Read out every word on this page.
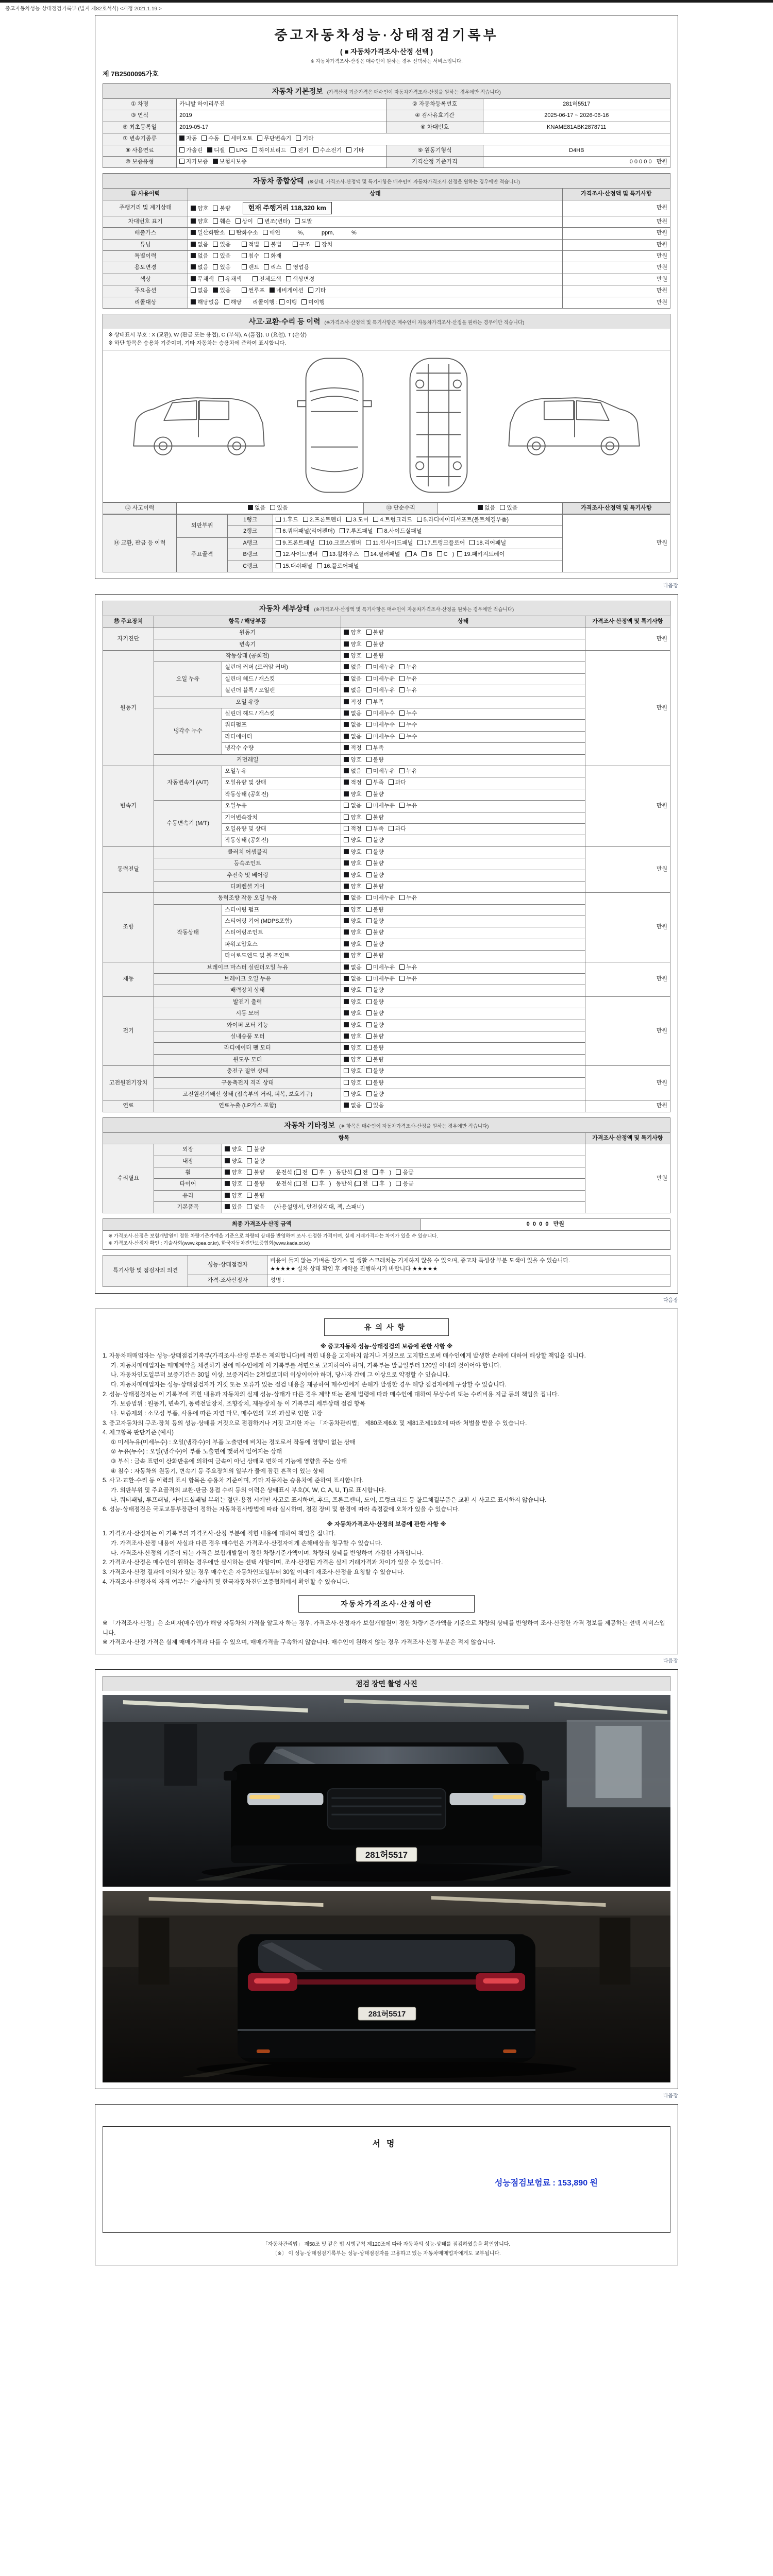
중고자동차성능·상태점검기록부 (별지 제82호서식) <개정 2021.1.19.>
중고자동차성능·상태점검기록부
( ■ 자동차가격조사·산정 선택 )
※ 자동차가격조사·산정은 매수인이 원하는 경우 선택하는 서비스입니다.
제 7B2500095가호
자동차 기본정보 (가격산정 기준가격은 매수인이 자동차가격조사·산정을 원하는 경우에만 적습니다)
① 차명	카니발 하이리무진	② 자동차등록번호	281허5517
③ 연식	2019	④ 검사유효기간	2025-06-17 ~ 2026-06-16
⑤ 최초등록일	2019-05-17	⑥ 차대번호	KNAME81ABK2878711
⑦ 변속기종류	자동 수동 세미오토 무단변속기 기타		
⑧ 사용연료	가솔린 디젤 LPG 하이브리드 전기 수소전기 기타	⑨ 원동기형식	D4HB
⑩ 보증유형	자가보증 보험사보증	가격산정 기준가격	0 0 0 0 0   만원
자동차 종합상태 (※상태, 가격조사·산정액 및 특기사항은 매수인이 자동차가격조사·산정을 원하는 경우에만 적습니다)
⑪ 사용이력	상태	가격조사·산정액 및 특기사항
주행거리 및 계기상태	양호 불량 현재 주행거리 118,320 km	만원
차대번호 표기	양호 훼손 상이 변조(변타) 도말	만원
배출가스	일산화탄소 탄화수소 매연        %,           ppm,           %	만원
튜닝	없음 있음 적법 불법 구조 장치	만원
특별이력	없음 있음 침수 화재	만원
용도변경	없음 있음 렌트 리스 영업용	만원
색상	무채색 유채색 전체도색 색상변경	만원
주요옵션	없음 있음 썬루프 네비게이션 기타	만원
리콜대상	해당없음 해당    리콜이행 : 이행 미이행	만원
사고·교환·수리 등 이력 (※가격조사·산정액 및 특기사항은 매수인이 자동차가격조사·산정을 원하는 경우에만 적습니다)
※ 상태표시 부호 : X (교환), W (판금 또는 용접), C (부식), A (흠집), U (요철), T (손상)
※ 하단 항목은 승용차 기준이며, 기타 자동차는 승용차에 준하여 표시합니다.
⑫ 사고이력	없음 있음	⑬ 단순수리	없음 있음	가격조사·산정액 및 특기사항
⑭ 교환, 판금 등 이력	외판부위	1랭크	1.후드 2.프론트펜더 3.도어 4.트렁크리드 5.라디에이터서포트(볼트체결부품)	만원
		2랭크	6.쿼터패널(리어펜더) 7.루프패널 8.사이드실패널	
	주요골격	A랭크	9.프론트패널 10.크로스멤버 11.인사이드패널 17.트렁크플로어 18.리어패널	
		B랭크	12.사이드멤버 13.휠하우스 14.필러패널 ( A B C )  19.패키지트레이	
		C랭크	15.대쉬패널 16.플로어패널	
다음장
자동차 세부상태 (※가격조사·산정액 및 특기사항은 매수인이 자동차가격조사·산정을 원하는 경우에만 적습니다)
⑮ 주요장치	항목 / 해당부품		상태	가격조사·산정액 및 특기사항
자기진단	원동기		양호 불량	만원
	변속기		양호 불량	
원동기	작동상태 (공회전)		양호 불량	만원
	오일 누유	실린더 커버 (로커암 커버)	없음 미세누유 누유	
		실린더 헤드 / 개스킷	없음 미세누유 누유	
		실린더 블록 / 오일팬	없음 미세누유 누유	
	오일 유량		적정 부족	
	냉각수 누수	실린더 헤드 / 개스킷	없음 미세누수 누수	
		워터펌프	없음 미세누수 누수	
		라디에이터	없음 미세누수 누수	
		냉각수 수량	적정 부족	
	커먼레일		양호 불량	
변속기	자동변속기 (A/T)	오일누유	없음 미세누유 누유	만원
		오일유량 및 상태	적정 부족 과다	
		작동상태 (공회전)	양호 불량	
	수동변속기 (M/T)	오일누유	없음 미세누유 누유	
		기어변속장치	양호 불량	
		오일유량 및 상태	적정 부족 과다	
		작동상태 (공회전)	양호 불량	
동력전달	클러치 어셈블리		양호 불량	만원
	등속조인트		양호 불량	
	추진축 및 베어링		양호 불량	
	디퍼렌셜 기어		양호 불량	
조향	동력조향 작동 오일 누유		없음 미세누유 누유	만원
	작동상태	스티어링 펌프	양호 불량	
		스티어링 기어 (MDPS포함)	양호 불량	
		스티어링조인트	양호 불량	
		파워고압호스	양호 불량	
		타이로드엔드 및 볼 조인트	양호 불량	
제동	브레이크 마스터 실린더오일 누유		없음 미세누유 누유	만원
	브레이크 오일 누유		없음 미세누유 누유	
	배력장치 상태		양호 불량	
전기	발전기 출력		양호 불량	만원
	시동 모터		양호 불량	
	와이퍼 모터 기능		양호 불량	
	실내송풍 모터		양호 불량	
	라디에이터 팬 모터		양호 불량	
	윈도우 모터		양호 불량	
고전원전기장치	충전구 절연 상태		양호 불량	만원
	구동축전지 격리 상태		양호 불량	
	고전원전기배선 상태 (접속부의 거리, 피복, 보호기구)		양호 불량	
연료	연료누출 (LP가스 포함)		없음 있음	만원
자동차 기타정보 (※ 항목은 매수인이 자동차가격조사·산정을 원하는 경우에만 적습니다)
항목			가격조사·산정액 및 특기사항
수리필요	외장	양호 불량	만원
	내장	양호 불량	
	휠	양호 불량    운전석 ( 전 후 )   동반석 ( 전 후 )   응급	
	타이어	양호 불량    운전석 ( 전 후 )   동반석 ( 전 후 )   응급	
	유리	양호 불량	
	기본품목	있음 없음   (사용설명서, 안전삼각대, 잭, 스패너)	
최종 가격조사·산정 금액	0  0  0  0   만원
※ 가격조사·산정은 보험개발원이 정한 차량기준가액을 기준으로 차량의 상태를 반영하여 조사·산정한 가격이며, 실제 거래가격과는 차이가 있을 수 있습니다.
※ 가격조사·산정자 확인 : 기술사회(www.kpea.or.kr), 한국자동차진단보증협회(www.kada.or.kr)
특기사항 및 점검자의 의견	성능·상태점검자	비용이 들지 않는 가벼운 잔기스 및 생활 스크래치는 기재하지 않을 수 있으며, 중고차 특성상 부분 도색이 있을 수 있습니다.
★★★★★ 실차 상태 확인 후 계약을 진행하시기 바랍니다 ★★★★★
	가격·조사산정자	성명 :
다음장
유의사항
※ 중고자동차 성능·상태점검의 보증에 관한 사항 ※
1. 자동차매매업자는 성능·상태점검기록부(가격조사·산정 부분은 제외합니다)에 적힌 내용을 고지하지 않거나 거짓으로 고지함으로써 매수인에게 발생한 손해에 대하여 배상할 책임을 집니다.
가. 자동차매매업자는 매매계약을 체결하기 전에 매수인에게 이 기록부를 서면으로 고지하여야 하며, 기록부는 발급일부터 120일 이내의 것이어야 합니다.
나. 자동차인도일부터 보증기간은 30일 이상, 보증거리는 2천킬로미터 이상이어야 하며, 당사자 간에 그 이상으로 약정할 수 있습니다.
다. 자동차매매업자는 성능·상태점검자가 거짓 또는 오류가 있는 점검 내용을 제공하여 매수인에게 손해가 발생한 경우 해당 점검자에게 구상할 수 있습니다.
2. 성능·상태점검자는 이 기록부에 적힌 내용과 자동차의 실제 성능·상태가 다른 경우 계약 또는 관계 법령에 따라 매수인에 대하여 무상수리 또는 수리비용 지급 등의 책임을 집니다.
가. 보증범위 : 원동기, 변속기, 동력전달장치, 조향장치, 제동장치 등 이 기록부의 세부상태 점검 항목
나. 보증제외 : 소모성 부품, 사용에 따른 자연 마모, 매수인의 고의·과실로 인한 고장
3. 중고자동차의 구조·장치 등의 성능·상태를 거짓으로 점검하거나 거짓 고지한 자는 「자동차관리법」 제80조제6호 및 제81조제19호에 따라 처벌을 받을 수 있습니다.
4. 체크항목 판단기준 (예시)
① 미세누유(미세누수) : 오일(냉각수)이 부품 노출면에 비치는 정도로서 작동에 영향이 없는 상태
② 누유(누수) : 오일(냉각수)이 부품 노출면에 맺혀서 떨어지는 상태
③ 부식 : 금속 표면이 산화반응에 의하여 금속이 아닌 상태로 변하여 기능에 영향을 주는 상태
④ 침수 : 자동차의 원동기, 변속기 등 주요장치의 일부가 물에 잠긴 흔적이 있는 상태
5. 사고·교환·수리 등 이력의 표시 항목은 승용차 기준이며, 기타 자동차는 승용차에 준하여 표시합니다.
가. 외판부위 및 주요골격의 교환·판금·용접 수리 등의 이력은 상태표시 부호(X, W, C, A, U, T)로 표시합니다.
나. 쿼터패널, 루프패널, 사이드실패널 부위는 절단·용접 시에만 사고로 표시하며, 후드, 프론트펜더, 도어, 트렁크리드 등 볼트체결부품은 교환 시 사고로 표시하지 않습니다.
6. 성능·상태점검은 국토교통부장관이 정하는 자동차검사방법에 따라 실시하며, 점검 장비 및 환경에 따라 측정값에 오차가 있을 수 있습니다.
※ 자동차가격조사·산정의 보증에 관한 사항 ※
1. 가격조사·산정자는 이 기록부의 가격조사·산정 부분에 적힌 내용에 대하여 책임을 집니다.
가. 가격조사·산정 내용이 사실과 다른 경우 매수인은 가격조사·산정자에게 손해배상을 청구할 수 있습니다.
나. 가격조사·산정의 기준이 되는 가격은 보험개발원이 정한 차량기준가액이며, 차량의 상태를 반영하여 가감한 가격입니다.
2. 가격조사·산정은 매수인이 원하는 경우에만 실시하는 선택 사항이며, 조사·산정된 가격은 실제 거래가격과 차이가 있을 수 있습니다.
3. 가격조사·산정 결과에 이의가 있는 경우 매수인은 자동차인도일부터 30일 이내에 재조사·산정을 요청할 수 있습니다.
4. 가격조사·산정자의 자격 여부는 기술사회 및 한국자동차진단보증협회에서 확인할 수 있습니다.
자동차가격조사·산정이란
※ 「가격조사·산정」은 소비자(매수인)가 해당 자동차의 가격을 알고자 하는 경우, 가격조사·산정자가 보험개발원이 정한 차량기준가액을 기준으로 차량의 상태를 반영하여 조사·산정한 가격 정보를 제공하는 선택 서비스입니다.
※ 가격조사·산정 가격은 실제 매매가격과 다를 수 있으며, 매매가격을 구속하지 않습니다. 매수인이 원하지 않는 경우 가격조사·산정 부분은 적지 않습니다.
다음장
점검 장면 촬영 사진
281허5517
281허5517
다음장
서명
성능점검보험료 : 153,890 원
「자동차관리법」 제58조 및 같은 법 시행규칙 제120조에 따라 자동차의 성능·상태를 점검하였음을 확인합니다.
〔※〕 이 성능·상태점검기록부는 성능·상태점검자를 고용하고 있는 자동차매매업자에게도 교부됩니다.
